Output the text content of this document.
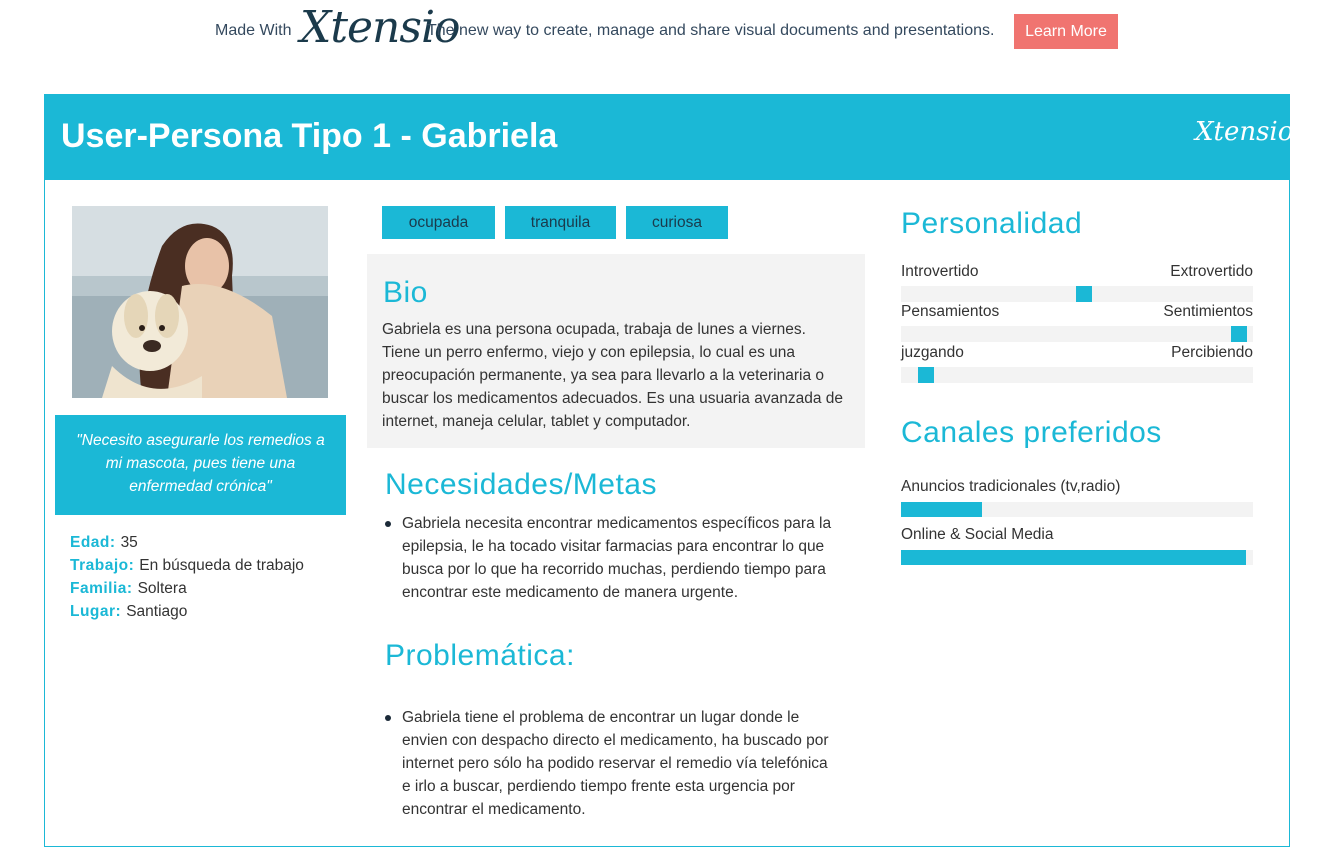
Made With Xtensio
The new way to create, manage and share visual documents and presentations.	Learn More
User-Persona Tipo 1 - Gabriela	Xtensio
"Necesito asegurarle los remedios a mi mascota, pues tiene una enfermedad crónica"
Edad: 35
Trabajo: En búsqueda de trabajo
Familia: Soltera
Lugar: Santiago
ocupada	tranquila	curiosa
Bio

Gabriela es una persona ocupada, trabaja de lunes a viernes. Tiene un perro enfermo, viejo y con epilepsia, lo cual es una preocupación permanente, ya sea para llevarlo a la veterinaria o buscar los medicamentos adecuados. Es una usuaria avanzada de internet, maneja celular, tablet y computador.

Necesidades/Metas
Gabriela necesita encontrar medicamentos específicos para la epilepsia, le ha tocado visitar farmacias para encontrar lo que busca por lo que ha recorrido muchas, perdiendo tiempo para encontrar este medicamento de manera urgente.
Problemática:
Gabriela tiene el problema de encontrar un lugar donde le envien con despacho directo el medicamento, ha buscado por internet pero sólo ha podido reservar el remedio vía telefónica e irlo a buscar, perdiendo tiempo frente esta urgencia por encontrar el medicamento.
Personalidad
Introvertido	Extrovertido
Pensamientos	Sentimientos
juzgando	Percibiendo
Canales preferidos
Anuncios tradicionales (tv,radio)
Online & Social Media
